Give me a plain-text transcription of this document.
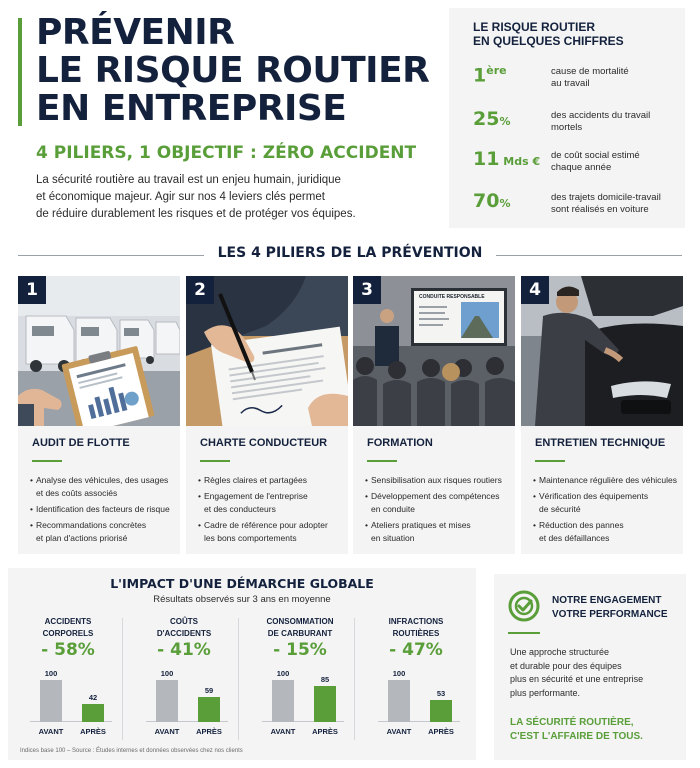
PRÉVENIR
LE RISQUE ROUTIER
EN ENTREPRISE
4 PILIERS, 1 OBJECTIF : ZÉRO ACCIDENT
La sécurité routière au travail est un enjeu humain, juridique
et économique majeur. Agir sur nos 4 leviers clés permet
de réduire durablement les risques et de protéger vos équipes.
LE RISQUE ROUTIER
EN QUELQUES CHIFFRES
1ère	cause de mortalité
au travail
25%	des accidents du travail
mortels
11 Mds € de coût social estimé
chaque année
70%	des trajets domicile-travail
sont réalisés en voiture
LES 4 PILIERS DE LA PRÉVENTION
1
AUDIT DE FLOTTE
• Analyse des véhicules, des usages
et des coûts associés
• Identification des facteurs de risque
• Recommandations concrètes
et plan d'actions priorisé
2
CHARTE CONDUCTEUR
• Règles claires et partagées
• Engagement de l'entreprise
et des conducteurs
• Cadre de référence pour adopter
les bons comportements
CONDUITE RESPONSABLE
3
FORMATION
• Sensibilisation aux risques routiers
• Développement des compétences
en conduite
• Ateliers pratiques et mises
en situation
4
ENTRETIEN TECHNIQUE
• Maintenance régulière des véhicules
• Vérification des équipements
de sécurité
• Réduction des pannes
et des défaillances
L'IMPACT D'UNE DÉMARCHE GLOBALE
Résultats observés sur 3 ans en moyenne
ACCIDENTS
CORPORELS
- 58%
100
42
AVANT	APRÈS
COÛTS
D'ACCIDENTS
- 41%
100
59
AVANT	APRÈS
CONSOMMATION
DE CARBURANT
- 15%
100
85
AVANT	APRÈS
INFRACTIONS
ROUTIÈRES
- 47%
100
53
AVANT	APRÈS
Indices base 100 – Source : Études internes et données observées chez nos clients
NOTRE ENGAGEMENT
VOTRE PERFORMANCE
Une approche structurée
et durable pour des équipes
plus en sécurité et une entreprise
plus performante.
LA SÉCURITÉ ROUTIÈRE,
C'EST L'AFFAIRE DE TOUS.
